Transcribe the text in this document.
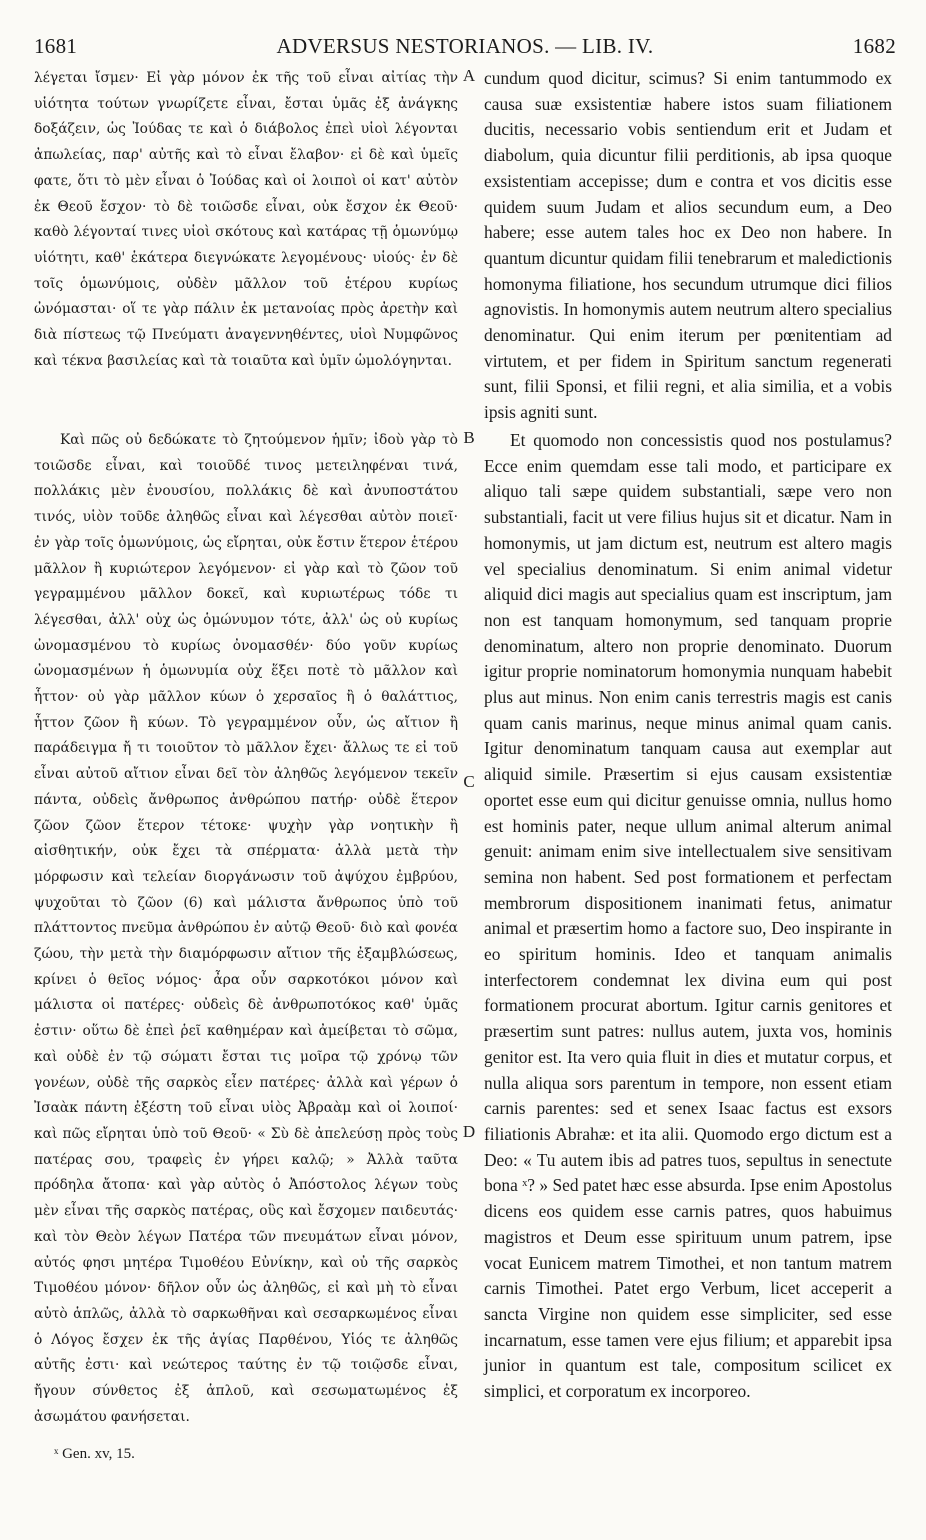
1681	ADVERSUS NESTORIANOS. — LIB. IV.	1682

λέγεται ἴσμεν· Εἰ γὰρ μόνον ἐκ τῆς τοῦ εἶναι αἰτίας τὴν υἱότητα τούτων γνωρίζετε εἶναι, ἔσται ὑμᾶς ἐξ ἀνάγκης δοξάζειν, ὡς Ἰούδας τε καὶ ὁ διάβολος ἐπεὶ υἱοὶ λέγονται ἀπωλείας, παρ' αὐτῆς καὶ τὸ εἶναι ἔλαβον· εἰ δὲ καὶ ὑμεῖς φατε, ὅτι τὸ μὲν εἶναι ὁ Ἰούδας καὶ οἱ λοιποὶ οἱ κατ' αὐτὸν ἐκ Θεοῦ ἔσχον· τὸ δὲ τοιῶσδε εἶναι, οὐκ ἔσχον ἐκ Θεοῦ· καθὸ λέγονταί τινες υἱοὶ σκότους καὶ κατάρας τῇ ὁμωνύμῳ υἱότητι, καθ' ἑκάτερα διεγνώκατε λεγομένους· υἱούς· ἐν δὲ τοῖς ὁμωνύμοις, οὐδὲν μᾶλλον τοῦ ἑτέρου κυρίως ὠνόμασται· οἵ τε γὰρ πάλιν ἐκ μετανοίας πρὸς ἀρετὴν καὶ διὰ πίστεως τῷ Πνεύματι ἀναγεννηθέντες, υἱοὶ Νυμφῶνος καὶ τέκνα βασιλείας καὶ τὰ τοιαῦτα καὶ ὑμῖν ὡμολόγηνται.

Καὶ πῶς οὐ δεδώκατε τὸ ζητούμενον ἡμῖν; ἰδοὺ γὰρ τὸ τοιῶσδε εἶναι, καὶ τοιοῦδέ τινος μετειληφέναι τινά, πολλάκις μὲν ἐνουσίου, πολλάκις δὲ καὶ ἀνυποστάτου τινός, υἱὸν τοῦδε ἀληθῶς εἶναι καὶ λέγεσθαι αὐτὸν ποιεῖ· ἐν γὰρ τοῖς ὁμωνύμοις, ὡς εἴρηται, οὐκ ἔστιν ἕτερον ἑτέρου μᾶλλον ἢ κυριώτερον λεγόμενον· εἰ γὰρ καὶ τὸ ζῶον τοῦ γεγραμμένου μᾶλλον δοκεῖ, καὶ κυριωτέρως τόδε τι λέγεσθαι, ἀλλ' οὐχ ὡς ὁμώνυμον τότε, ἀλλ' ὡς οὐ κυρίως ὠνομασμένου τὸ κυρίως ὀνομασθέν· δύο γοῦν κυρίως ὠνομασμένων ἡ ὁμωνυμία οὐχ ἕξει ποτὲ τὸ μᾶλλον καὶ ἧττον· οὐ γὰρ μᾶλλον κύων ὁ χερσαῖος ἢ ὁ θαλάττιος, ἧττον ζῶον ἢ κύων. Τὸ γεγραμμένον οὖν, ὡς αἴτιον ἢ παράδειγμα ἤ τι τοιοῦτον τὸ μᾶλλον ἔχει· ἄλλως τε εἰ τοῦ εἶναι αὐτοῦ αἴτιον εἶναι δεῖ τὸν ἀληθῶς λεγόμενον τεκεῖν πάντα, οὐδεὶς ἄνθρωπος ἀνθρώπου πατήρ· οὐδὲ ἕτερον ζῶον ζῶον ἕτερον τέτοκε· ψυχὴν γὰρ νοητικὴν ἢ αἰσθητικήν, οὐκ ἔχει τὰ σπέρματα· ἀλλὰ μετὰ τὴν μόρφωσιν καὶ τελείαν διοργάνωσιν τοῦ ἀψύχου ἐμβρύου, ψυχοῦται τὸ ζῶον (6) καὶ μάλιστα ἄνθρωπος ὑπὸ τοῦ πλάττοντος πνεῦμα ἀνθρώπου ἐν αὐτῷ Θεοῦ· διὸ καὶ φονέα ζώου, τὴν μετὰ τὴν διαμόρφωσιν αἴτιον τῆς ἐξαμβλώσεως, κρίνει ὁ θεῖος νόμος· ἆρα οὖν σαρκοτόκοι μόνον καὶ μάλιστα οἱ πατέρες· οὐδεὶς δὲ ἀνθρωποτόκος καθ' ὑμᾶς ἐστιν· οὕτω δὲ ἐπεὶ ῥεῖ καθημέραν καὶ ἀμείβεται τὸ σῶμα, καὶ οὐδὲ ἐν τῷ σώματι ἔσται τις μοῖρα τῷ χρόνῳ τῶν γονέων, οὐδὲ τῆς σαρκὸς εἶεν πατέρες· ἀλλὰ καὶ γέρων ὁ Ἰσαὰκ πάντη ἐξέστη τοῦ εἶναι υἱὸς Ἀβραὰμ καὶ οἱ λοιποί· καὶ πῶς εἴρηται ὑπὸ τοῦ Θεοῦ· « Σὺ δὲ ἀπελεύσῃ πρὸς τοὺς πατέρας σου, τραφεὶς ἐν γήρει καλῷ; » Ἀλλὰ ταῦτα πρόδηλα ἄτοπα· καὶ γὰρ αὐτὸς ὁ Ἀπόστολος λέγων τοὺς μὲν εἶναι τῆς σαρκὸς πατέρας, οὓς καὶ ἔσχομεν παιδευτάς· καὶ τὸν Θεὸν λέγων Πατέρα τῶν πνευμάτων εἶναι μόνον, αὐτός φησι μητέρα Τιμοθέου Εὐνίκην, καὶ οὐ τῆς σαρκὸς Τιμοθέου μόνον· δῆλον οὖν ὡς ἀληθῶς, εἰ καὶ μὴ τὸ εἶναι αὐτὸ ἁπλῶς, ἀλλὰ τὸ σαρκωθῆναι καὶ σεσαρκωμένος εἶναι ὁ Λόγος ἔσχεν ἐκ τῆς ἁγίας Παρθένου, Υἱός τε ἀληθῶς αὐτῆς ἐστι· καὶ νεώτερος ταύτης ἐν τῷ τοιῷσδε εἶναι, ἤγουν σύνθετος ἐξ ἁπλοῦ, καὶ σεσωματωμένος ἐξ ἀσωμάτου φανήσεται.

cundum quod dicitur, scimus? Si enim tantummodo ex causa suæ exsistentiæ habere istos suam filiationem ducitis, necessario vobis sentiendum erit et Judam et diabolum, quia dicuntur filii perditionis, ab ipsa quoque exsistentiam accepisse; dum e contra et vos dicitis esse quidem suum Judam et alios secundum eum, a Deo habere; esse autem tales hoc ex Deo non habere. In quantum dicuntur quidam filii tenebrarum et maledictionis homonyma filiatione, hos secundum utrumque dici filios agnovistis. In homonymis autem neutrum altero specialius denominatur. Qui enim iterum per pœnitentiam ad virtutem, et per fidem in Spiritum sanctum regenerati sunt, filii Sponsi, et filii regni, et alia similia, et a vobis ipsis agniti sunt.

Et quomodo non concessistis quod nos postulamus? Ecce enim quemdam esse tali modo, et participare ex aliquo tali sæpe quidem substantiali, sæpe vero non substantiali, facit ut vere filius hujus sit et dicatur. Nam in homonymis, ut jam dictum est, neutrum est altero magis vel specialius denominatum. Si enim animal videtur aliquid dici magis aut specialius quam est inscriptum, jam non est tanquam homonymum, sed tanquam proprie denominatum, altero non proprie denominato. Duorum igitur proprie nominatorum homonymia nunquam habebit plus aut minus. Non enim canis terrestris magis est canis quam canis marinus, neque minus animal quam canis. Igitur denominatum tanquam causa aut exemplar aut aliquid simile. Præsertim si ejus causam exsistentiæ oportet esse eum qui dicitur genuisse omnia, nullus homo est hominis pater, neque ullum animal alterum animal genuit: animam enim sive intellectualem sive sensitivam semina non habent. Sed post formationem et perfectam membrorum dispositionem inanimati fetus, animatur animal et præsertim homo a factore suo, Deo inspirante in eo spiritum hominis. Ideo et tanquam animalis interfectorem condemnat lex divina eum qui post formationem procurat abortum. Igitur carnis genitores et præsertim sunt patres: nullus autem, juxta vos, hominis genitor est. Ita vero quia fluit in dies et mutatur corpus, et nulla aliqua sors parentum in tempore, non essent etiam carnis parentes: sed et senex Isaac factus est exsors filiationis Abrahæ: et ita alii. Quomodo ergo dictum est a Deo: « Tu autem ibis ad patres tuos, sepultus in senectute bona ˣ? » Sed patet hæc esse absurda. Ipse enim Apostolus dicens eos quidem esse carnis patres, quos habuimus magistros et Deum esse spirituum unum patrem, ipse vocat Eunicem matrem Timothei, et non tantum matrem carnis Timothei. Patet ergo Verbum, licet acceperit a sancta Virgine non quidem esse simpliciter, sed esse incarnatum, esse tamen vere ejus filium; et apparebit ipsa junior in quantum est tale, compositum scilicet ex simplici, et corporatum ex incorporeo.

A
B
C
D
ˣ Gen. xv, 15.
